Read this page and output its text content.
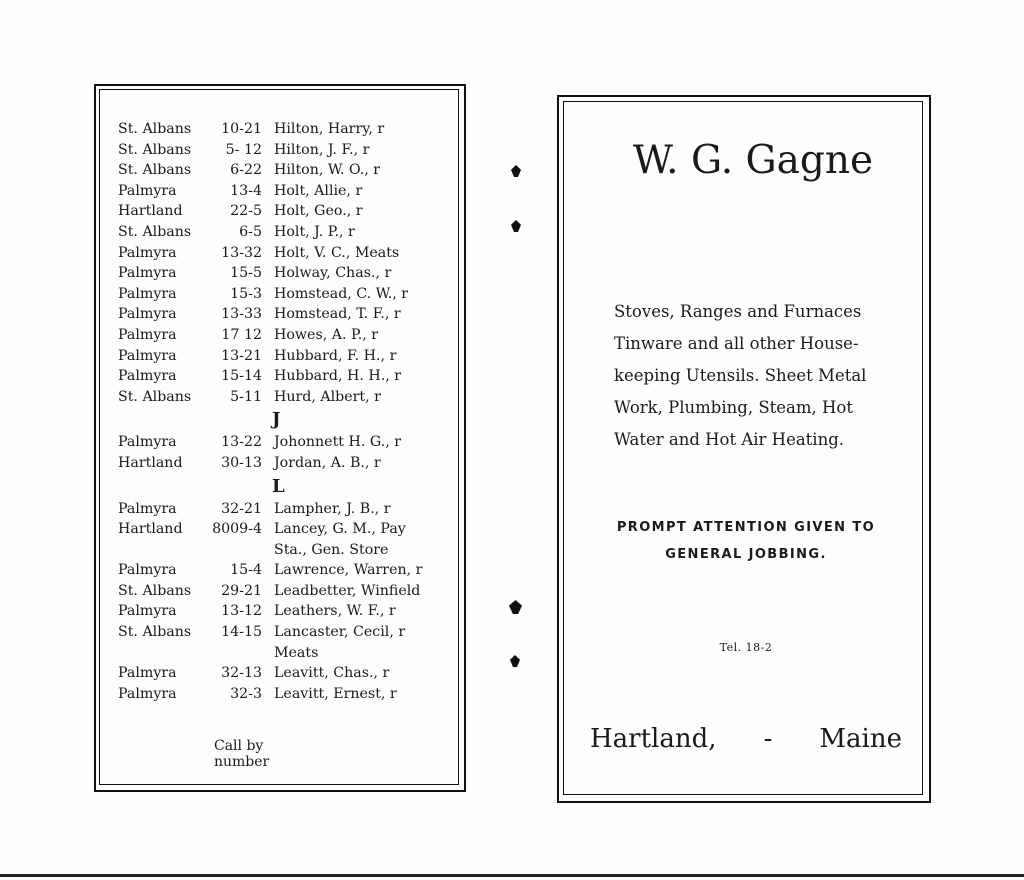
St. Albans	10-21 Hilton, Harry, r
St. Albans	5- 12 Hilton, J. F., r
St. Albans	6-22 Hilton, W. O., r
Palmyra	13-4 Holt, Allie, r
Hartland	22-5 Holt, Geo., r
St. Albans	6-5 Holt, J. P., r
Palmyra	13-32 Holt, V. C., Meats
Palmyra	15-5 Holway, Chas., r
Palmyra	15-3 Homstead, C. W., r
Palmyra	13-33 Homstead, T. F., r
Palmyra	17 12 Howes, A. P., r
Palmyra	13-21 Hubbard, F. H., r
Palmyra	15-14 Hubbard, H. H., r
St. Albans	5-11 Hurd, Albert, r
J
Palmyra	13-22 Johonnett H. G., r
Hartland	30-13 Jordan, A. B., r
L
Palmyra	32-21 Lampher, J. B., r
Hartland 8009-4 Lancey, G. M., Pay
Sta., Gen. Store
Palmyra	15-4 Lawrence, Warren, r
St. Albans	29-21 Leadbetter, Winfield
Palmyra	13-12 Leathers, W. F., r
St. Albans	14-15 Lancaster, Cecil, r
Meats
Palmyra	32-13 Leavitt, Chas., r
Palmyra	32-3 Leavitt, Ernest, r
Call by number
W. G. Gagne
Stoves, Ranges and Furnaces
Tinware and all other House-
keeping Utensils. Sheet Metal
Work, Plumbing, Steam, Hot
Water and Hot Air Heating.
PROMPT ATTENTION GIVEN TO
GENERAL JOBBING.
Tel. 18-2
Hartland, - Maine
